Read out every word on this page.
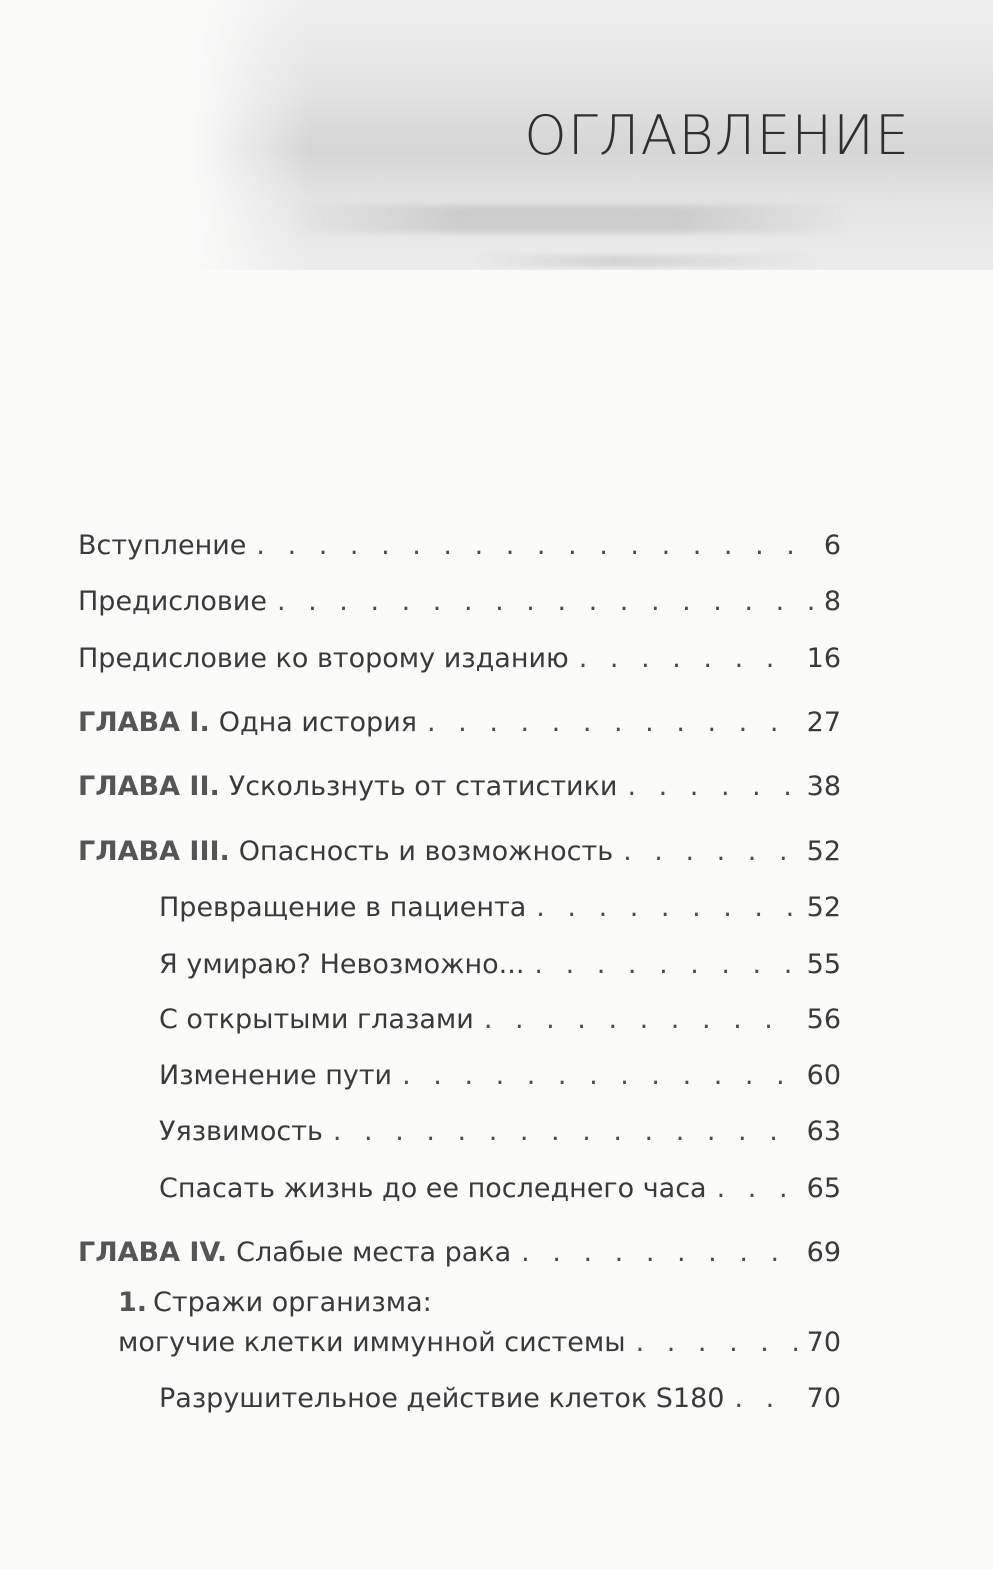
ОГЛАВЛЕНИЕ
Вступление . . .	6
Предисловие . . .	8
Предисловие ко второму изданию . . .	16
ГЛАВА I. Одна история . . .	27
ГЛАВА II. Ускользнуть от статистики . . .	38
ГЛАВА III. Опасность и возможность . . .	52
Превращение в пациента . . .	52
Я умираю? Невозможно... . . .	55
С открытыми глазами . . .	56
Изменение пути . . .	60
Уязвимость . . .	63
Спасать жизнь до ее последнего часа . . .	65
ГЛАВА IV. Слабые места рака . . .	69
1. Стражи организма:
могучие клетки иммунной системы . . .	70
Разрушительное действие клеток S180 . . .	70
